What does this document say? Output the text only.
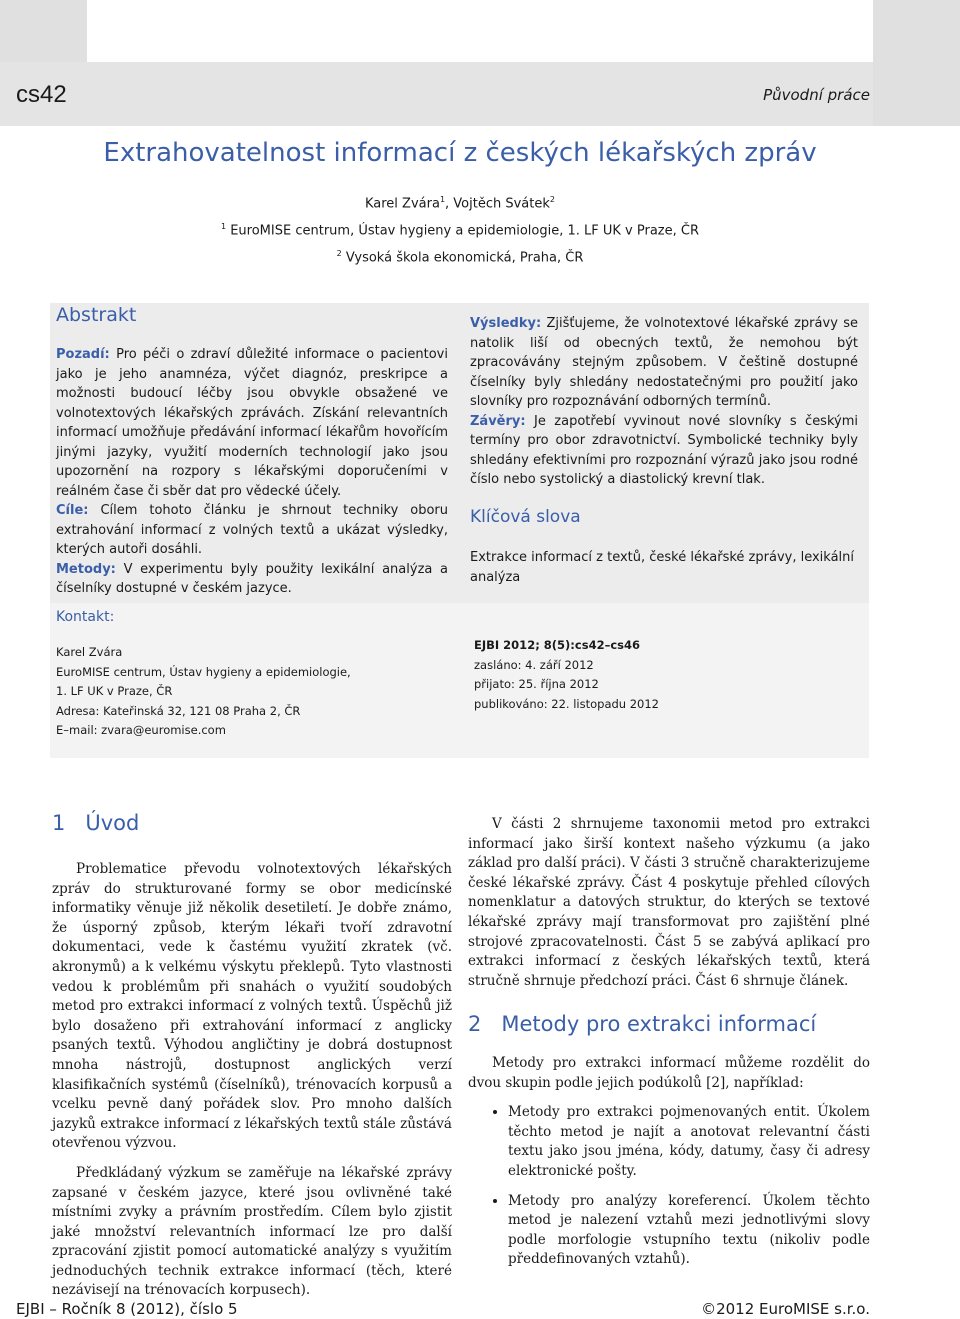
cs42	Původní práce
Extrahovatelnost informací z českých lékařských zpráv
Karel Zvára$^1$, Vojtěch Svátek$^2$
$^1$ EuroMISE centrum, Ústav hygieny a epidemiologie, 1. LF UK v Praze, ČR
$^2$ Vysoká škola ekonomická, Praha, ČR
Abstrakt
Pozadí: Pro péči o zdraví důležité informace o pacientovi jako je jeho anamnéza, výčet diagnóz, preskripce a možnosti budoucí léčby jsou obvykle obsažené ve volnotextových lékařských zprávách. Získání relevantních informací umožňuje předávání informací lékařům hovořícím jinými jazyky, využití moderních technologií jako jsou upozornění na rozpory s lékařskými doporučeními v reálném čase či sběr dat pro vědecké účely.
Cíle: Cílem tohoto článku je shrnout techniky oboru extrahování informací z volných textů a ukázat výsledky, kterých autoři dosáhli.
Metody: V experimentu byly použity lexikální analýza a číselníky dostupné v českém jazyce.
Výsledky: Zjišťujeme, že volnotextové lékařské zprávy se natolik liší od obecných textů, že nemohou být zpracovávány stejným způsobem. V češtině dostupné číselníky byly shledány nedostatečnými pro použití jako slovníky pro rozpoznávání odborných termínů.
Závěry: Je zapotřebí vyvinout nové slovníky s českými termíny pro obor zdravotnictví. Symbolické techniky byly shledány efektivními pro rozpoznání výrazů jako jsou rodné číslo nebo systolický a diastolický krevní tlak.
Klíčová slova
Extrakce informací z textů, české lékařské zprávy, lexikální analýza
Kontakt:
Karel Zvára
EuroMISE centrum, Ústav hygieny a epidemiologie,
1. LF UK v Praze, ČR
Adresa: Kateřinská 32, 121 08 Praha 2, ČR
E–mail: zvara@euromise.com
EJBI 2012; 8(5):cs42–cs46
zasláno: 4. září 2012
přijato: 25. října 2012
publikováno: 22. listopadu 2012
1   Úvod

Problematice převodu volnotextových lékařských zpráv do strukturované formy se obor medicínské informatiky věnuje již několik desetiletí. Je dobře známo, že úsporný způsob, kterým lékaři tvoří zdravotní dokumentaci, vede k častému využití zkratek (vč. akronymů) a k velkému výskytu překlepů. Tyto vlastnosti vedou k problémům při snahách o využití soudobých metod pro extrakci informací z volných textů. Úspěchů již bylo dosaženo při extrahování informací z anglicky psaných textů. Výhodou angličtiny je dobrá dostupnost mnoha nástrojů, dostupnost anglických verzí klasifikačních systémů (číselníků), trénovacích korpusů a vcelku pevně daný pořádek slov. Pro mnoho dalších jazyků extrakce informací z lékařských textů stále zůstává otevřenou výzvou.

Předkládaný výzkum se zaměřuje na lékařské zprávy zapsané v českém jazyce, které jsou ovlivněné také místními zvyky a právním prostředím. Cílem bylo zjistit jaké množství relevantních informací lze pro další zpracování zjistit pomocí automatické analýzy s využitím jednoduchých technik extrakce informací (těch, které nezávisejí na trénovacích korpusech).

V části 2 shrnujeme taxonomii metod pro extrakci informací jako širší kontext našeho výzkumu (a jako základ pro další práci). V části 3 stručně charakterizujeme české lékařské zprávy. Část 4 poskytuje přehled cílových nomenklatur a datových struktur, do kterých se textové lékařské zprávy mají transformovat pro zajištění plné strojové zpracovatelnosti. Část 5 se zabývá aplikací pro extrakci informací z českých lékařských textů, která stručně shrnuje předchozí práci. Část 6 shrnuje článek.

2   Metody pro extrakci informací

Metody pro extrakci informací můžeme rozdělit do dvou skupin podle jejich podúkolů [2], například:

• Metody pro extrakci pojmenovaných entit. Úkolem těchto metod je najít a anotovat relevantní části textu jako jsou jména, kódy, datumy, časy či adresy elektronické pošty.
• Metody pro analýzy koreferencí. Úkolem těchto metod je nalezení vztahů mezi jednotlivými slovy podle morfologie vstupního textu (nikoliv podle předdefinovaných vztahů).
EJBI – Ročník 8 (2012), číslo 5	©2012 EuroMISE s.r.o.
